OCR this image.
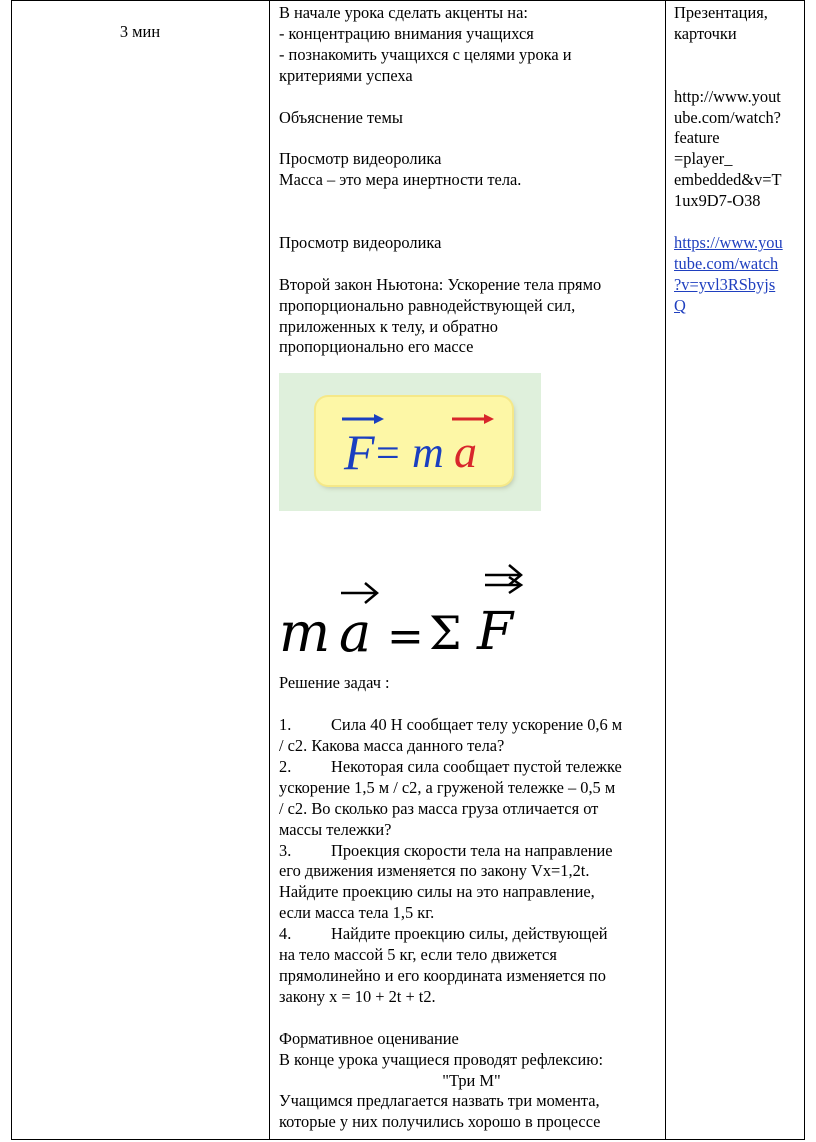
3 мин
В начале урока сделать акценты на:
- концентрацию внимания учащихся
- познакомить учащихся с целями урока и
критериями успеха
Объяснение темы
Просмотр видеоролика
Масса – это мера инертности тела.
Просмотр видеоролика
Второй закон Ньютона: Ускорение тела прямо
пропорционально равнодействующей сил,
приложенных к телу, и обратно
пропорционально его массе
F = m a
m a = Σ F
Решение задач :
1. Сила 40 Н сообщает телу ускорение 0,6 м
/ с2. Какова масса данного тела?
2. Некоторая сила сообщает пустой тележке
ускорение 1,5 м / с2, а груженой тележке – 0,5 м
/ с2. Во сколько раз масса груза отличается от
массы тележки?
3. Проекция скорости тела на направление
его движения изменяется по закону Vx=1,2t.
Найдите проекцию силы на это направление,
если масса тела 1,5 кг.
4. Найдите проекцию силы, действующей
на тело массой 5 кг, если тело движется
прямолинейно и его координата изменяется по
закону x = 10 + 2t + t2.
Формативное оценивание
В конце урока учащиеся проводят рефлексию:
"Три М"
Учащимся предлагается назвать три момента,
которые у них получились хорошо в процессе
Презентация,
карточки
http://www.yout
ube.com/watch?
feature
=player_
embedded&v=T
1ux9D7-O38
https://www.you
tube.com/watch
?v=yvl3RSbyjs
Q
